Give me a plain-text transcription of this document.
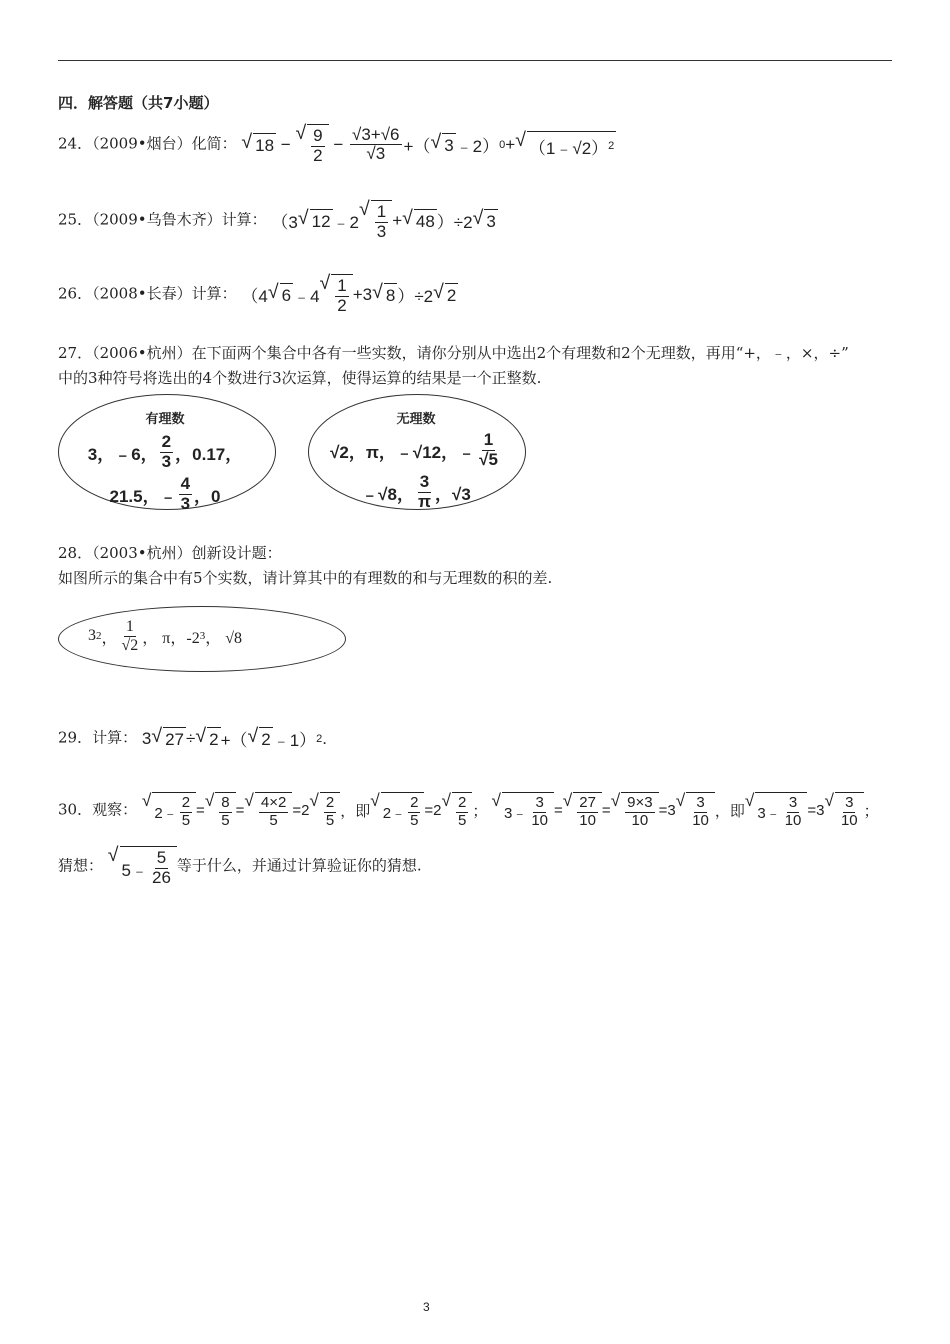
四．解答题（共7小题）
24．（2009•烟台）化简： √ 18 −
√ $\frac{9}{2} - \frac{√3+√6}{√3}$ +（ √ 3 ﹣2） 0 + √ （1﹣√2） 2
25．（2009•乌鲁木齐）计算： （3 √ 12 ﹣2
√ $\frac{1}{3}$ + √ 48 ）÷2 √ 3
26．（2008•长春）计算： （4 √ 6 ﹣4
√ $\frac{1}{2} +3$ √ 8 ）÷2 √ 2
27．（2006•杭州）在下面两个集合中各有一些实数，请你分别从中选出2个有理数和2个无理数，再用“+，﹣，×，÷”
中的3种符号将选出的4个数进行3次运算，使得运算的结果是一个正整数.
有理数
3，﹣6， $\frac{2}{3}$ ，0.17， 21.5，﹣ $\frac{4}{3}$ ，0
无理数
√2，π，﹣√12，﹣ $\frac{1}{√5}$
﹣√8， $\frac{3}{\pi}$ ，√3
28．（2003•杭州）创新设计题：
如图所示的集合中有5个实数，请计算其中的有理数的和与无理数的积的差.
3 2 ， $\frac{1}{√2}$ ， π，-2 3 ， √8
29．计算： 3 √ 27 ÷ √ 2 +（ √ 2 ﹣1） 2 .
30．观察： √
2﹣ $\frac{2}{5}$ =
√ $\frac{8}{5}$ =
√ $\frac{4\times 2}{5} =2$
√ $\frac{2}{5}$ ，即
√
2﹣ $\frac{2}{5} =2$
√ $\frac{2}{5}$ ；
√
3﹣ $\frac{3}{10}$ =
√ $\frac{27}{10}$ =
√ $\frac{9\times 3}{10} =3$
√ $\frac{3}{10}$ ，即
√
3﹣ $\frac{3}{10} =3$
√ $\frac{3}{10}$ ；
猜想： √
5﹣ $\frac{5}{26}$ 等于什么，并通过计算验证你的猜想.
3
